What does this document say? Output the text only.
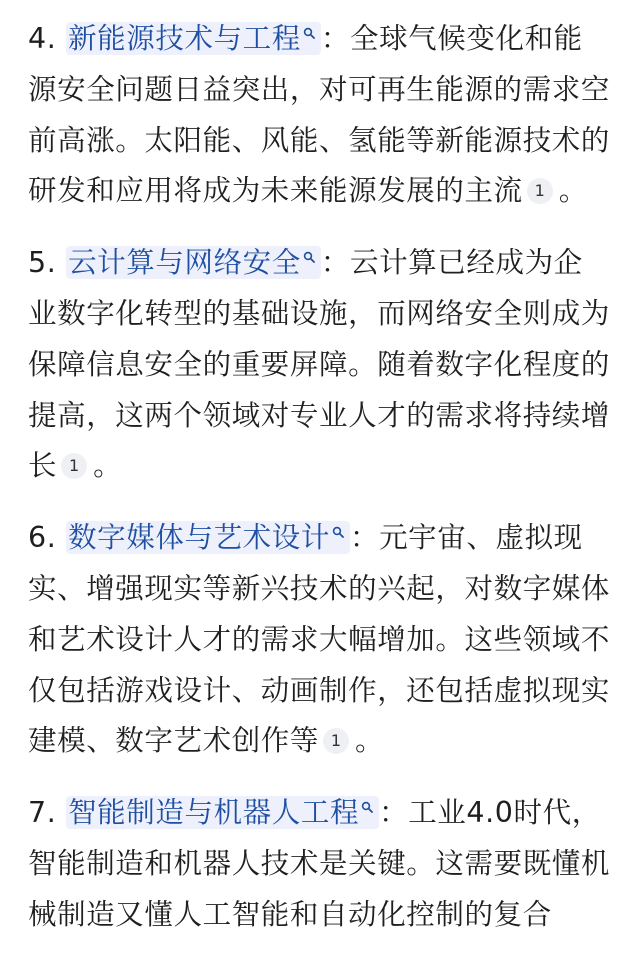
4. 新能源技术与工程 ：全球气候变化和能源安全问题日益突出，对可再生能源的需求空前高涨。太阳能、风能、氢能等新能源技术的研发和应用将成为未来能源发展的主流 1 。

5. 云计算与网络安全 ：云计算已经成为企业数字化转型的基础设施，而网络安全则成为保障信息安全的重要屏障。随着数字化程度的提高，这两个领域对专业人才的需求将持续增长 1 。

6. 数字媒体与艺术设计 ：元宇宙、虚拟现实、增强现实等新兴技术的兴起，对数字媒体和艺术设计人才的需求大幅增加。这些领域不仅包括游戏设计、动画制作，还包括虚拟现实建模、数字艺术创作等 1 。

7. 智能制造与机器人工程 ：工业4.0时代，智能制造和机器人技术是关键。这需要既懂机械制造又懂人工智能和自动化控制的复合
